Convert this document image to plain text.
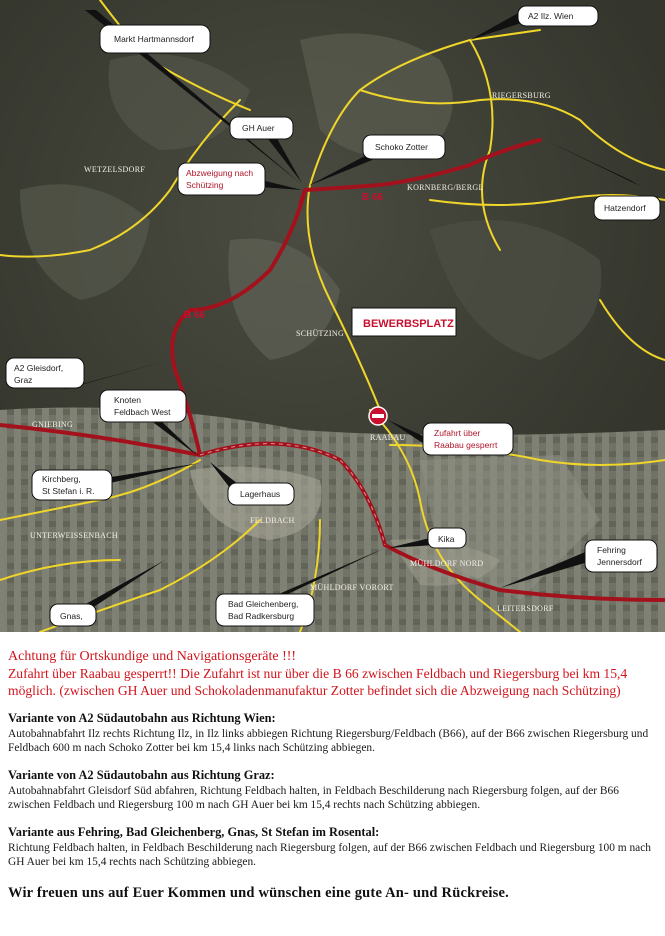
RIEGERSBURG
WETZELSDORF
KORNBERG/BERGL
SCHÜTZING
GNIEBING
RAABAU
FELDBACH
UNTERWEISSENBACH
MÜHLDORF NORD
MÜHLDORF VORORT
LEITERSDORF
B 66
B 66
Markt Hartmannsdorf
A2 Ilz. Wien
GH Auer
Schoko Zotter
Abzweigung nach
Schützing
Hatzendorf
BEWERBSPLATZ
A2 Gleisdorf,
Graz
Knoten
Feldbach West
Zufahrt über
Raabau gesperrt
Kirchberg,
St Stefan i. R.	Lagerhaus
Kika
Fehring
Jennersdorf
Gnas,
Bad Gleichenberg,
Bad Radkersburg

Achtung für Ortskundige und Navigationsgeräte !!!

Zufahrt über Raabau gesperrt!! Die Zufahrt ist nur über die B 66 zwischen Feldbach und Riegersburg bei km 15,4 möglich. (zwischen GH Auer und Schokoladenmanufaktur Zotter befindet sich die Abzweigung nach Schützing)

Variante von A2 Südautobahn aus Richtung Wien:

Autobahnabfahrt Ilz rechts Richtung Ilz, in Ilz links abbiegen Richtung Riegersburg/Feldbach (B66), auf der B66 zwischen Riegersburg und Feldbach 600 m nach Schoko Zotter bei km 15,4 links nach Schützing abbiegen.

Variante von A2 Südautobahn aus Richtung Graz:

Autobahnabfahrt Gleisdorf Süd abfahren, Richtung Feldbach halten, in Feldbach Beschilderung nach Riegersburg folgen, auf der B66 zwischen Feldbach und Riegersburg 100 m nach GH Auer bei km 15,4 rechts nach Schützing abbiegen.

Variante aus Fehring, Bad Gleichenberg, Gnas, St Stefan im Rosental:

Richtung Feldbach halten, in Feldbach Beschilderung nach Riegersburg folgen, auf der B66 zwischen Feldbach und Riegersburg 100 m nach GH Auer bei km 15,4 rechts nach Schützing abbiegen.

Wir freuen uns auf Euer Kommen und wünschen eine gute An- und Rückreise.
